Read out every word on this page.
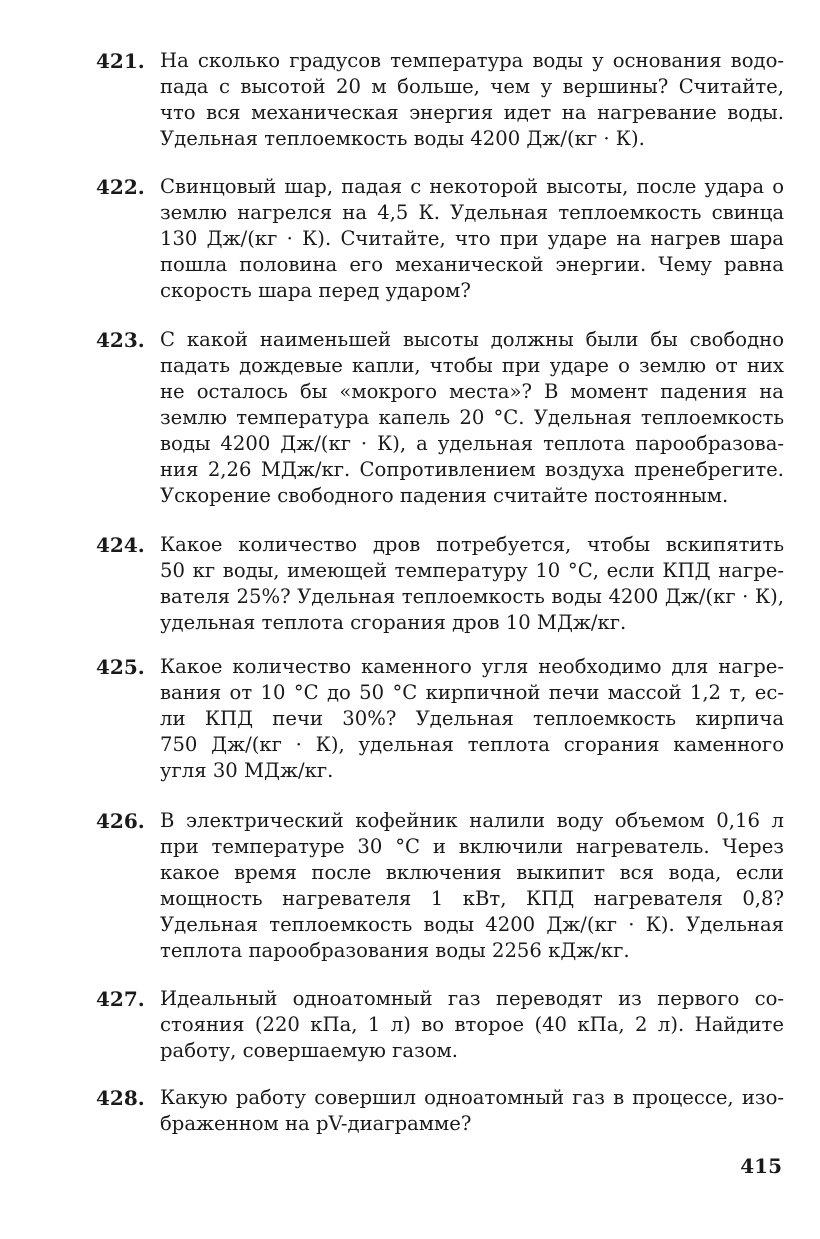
421. На сколько градусов температура воды у основания водо-
пада с высотой 20 м больше, чем у вершины? Считайте,
что вся механическая энергия идет на нагревание воды.
Удельная теплоемкость воды 4200 Дж/(кг · К).
422. Свинцовый шар, падая с некоторой высоты, после удара о
землю нагрелся на 4,5 К. Удельная теплоемкость свинца
130 Дж/(кг · К). Считайте, что при ударе на нагрев шара
пошла половина его механической энергии. Чему равна
скорость шара перед ударом?
423. С какой наименьшей высоты должны были бы свободно
падать дождевые капли, чтобы при ударе о землю от них
не осталось бы «мокрого места»? В момент падения на
землю температура капель 20 °С. Удельная теплоемкость
воды 4200 Дж/(кг · К), а удельная теплота парообразова-
ния 2,26 МДж/кг. Сопротивлением воздуха пренебрегите.
Ускорение свободного падения считайте постоянным.
424. Какое количество дров потребуется, чтобы вскипятить
50 кг воды, имеющей температуру 10 °С, если КПД нагре-
вателя 25%? Удельная теплоемкость воды 4200 Дж/(кг · К),
удельная теплота сгорания дров 10 МДж/кг.
425. Какое количество каменного угля необходимо для нагре-
вания от 10 °С до 50 °С кирпичной печи массой 1,2 т, ес-
ли КПД печи 30%? Удельная теплоемкость кирпича
750 Дж/(кг · К), удельная теплота сгорания каменного
угля 30 МДж/кг.
426. В электрический кофейник налили воду объемом 0,16 л
при температуре 30 °С и включили нагреватель. Через
какое время после включения выкипит вся вода, если
мощность нагревателя 1 кВт, КПД нагревателя 0,8?
Удельная теплоемкость воды 4200 Дж/(кг · К). Удельная
теплота парообразования воды 2256 кДж/кг.
427. Идеальный одноатомный газ переводят из первого со-
стояния (220 кПа, 1 л) во второе (40 кПа, 2 л). Найдите
работу, совершаемую газом.
428. Какую работу совершил одноатомный газ в процессе, изо-
браженном на pV-диаграмме?
415
